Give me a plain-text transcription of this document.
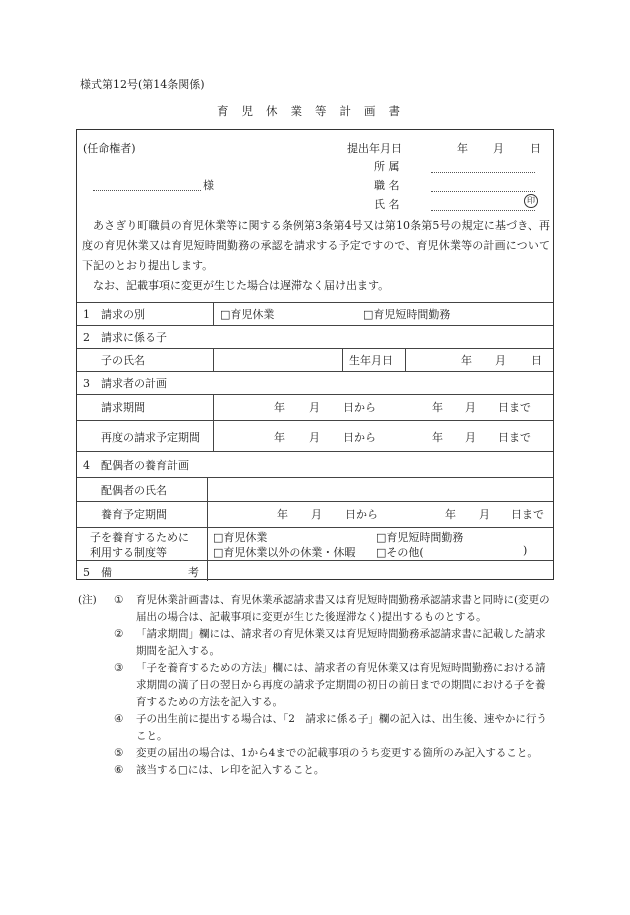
様式第12号(第14条関係)
育児休業等計画書
(任命権者)
様
提出年月日	年 月 日
所 属
職 名
氏 名	印

あさぎり町職員の育児休業等に関する条例第3条第4号又は第10条第5号の規定に基づき、再度の育児休業又は育児短時間勤務の承認を請求する予定ですので、育児休業等の計画について下記のとおり提出します。

なお、記載事項に変更が生じた場合は遅滞なく届け出ます。

1　請求の別	□育児休業	□育児短時間勤務
2　請求に係る子
子の氏名	生年月日	年 月 日
3　請求者の計画
請求期間	年 月 日から	年 月 日まで
再度の請求予定期間	年 月 日から	年 月 日まで
4　配偶者の養育計画
配偶者の氏名
養育予定期間	年 月 日から	年 月 日まで
子を養育するために
利用する制度等
□育児休業	□育児短時間勤務
□育児休業以外の休業・休暇 □その他(	)
5　備	考
(注) ① 育児休業計画書は、育児休業承認請求書又は育児短時間勤務承認請求書と同時に(変更の届出の場合は、記載事項に変更が生じた後遅滞なく)提出するものとする。
② 「請求期間」欄には、請求者の育児休業又は育児短時間勤務承認請求書に記載した請求期間を記入する。
③ 「子を養育するための方法」欄には、請求者の育児休業又は育児短時間勤務における請求期間の満了日の翌日から再度の請求予定期間の初日の前日までの期間における子を養育するための方法を記入する。
④ 子の出生前に提出する場合は、「2　請求に係る子」欄の記入は、出生後、速やかに行うこと。
⑤ 変更の届出の場合は、1から4までの記載事項のうち変更する箇所のみ記入すること。
⑥ 該当する□には、レ印を記入すること。
